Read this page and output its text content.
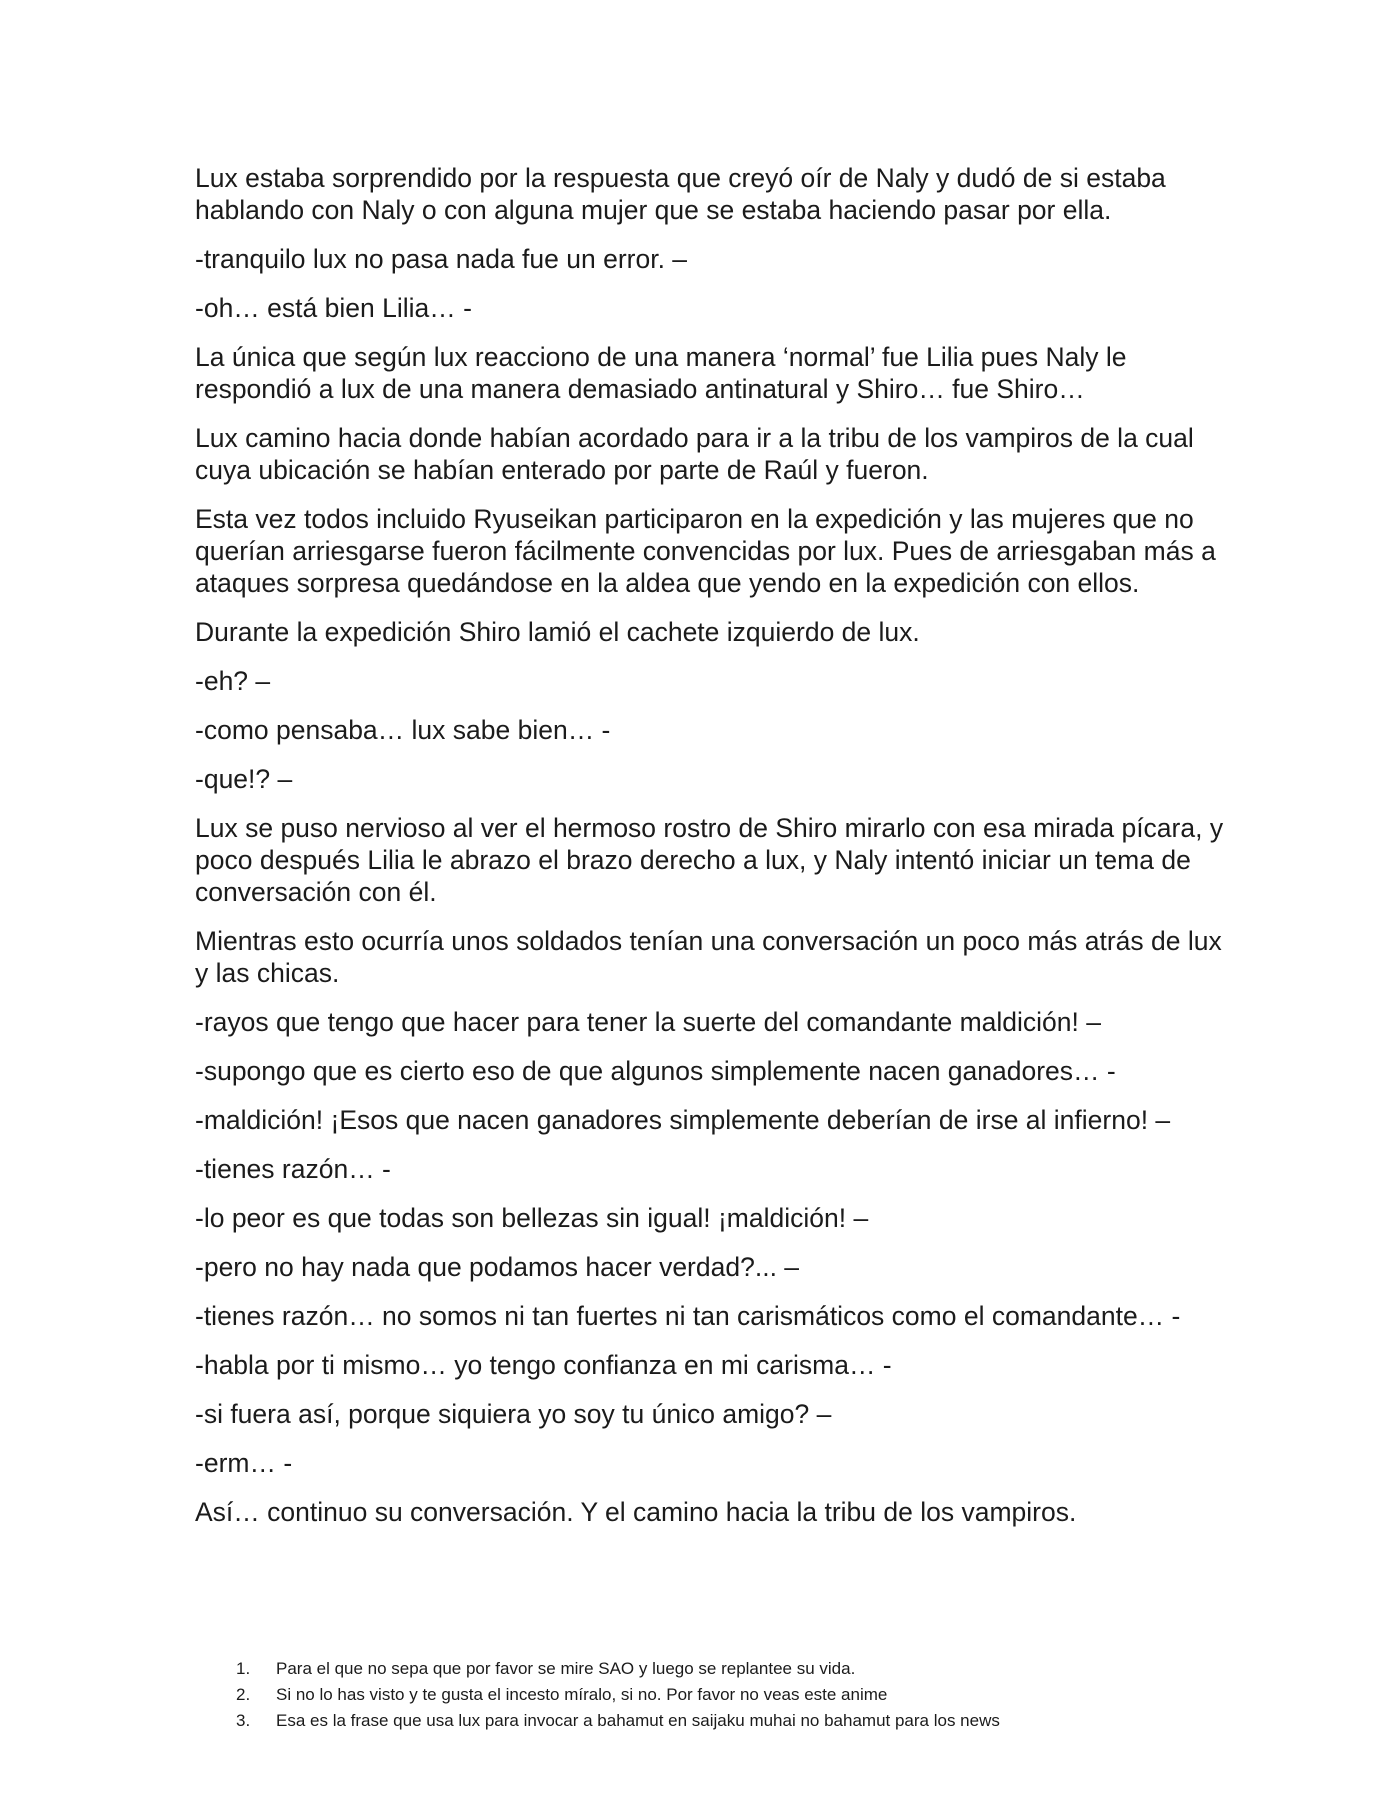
Lux estaba sorprendido por la respuesta que creyó oír de Naly y dudó de si estaba hablando con Naly o con alguna mujer que se estaba haciendo pasar por ella.

-tranquilo lux no pasa nada fue un error. –

-oh… está bien Lilia… -

La única que según lux reacciono de una manera ‘normal’ fue Lilia pues Naly le respondió a lux de una manera demasiado antinatural y Shiro… fue Shiro…

Lux camino hacia donde habían acordado para ir a la tribu de los vampiros de la cual cuya ubicación se habían enterado por parte de Raúl y fueron.

Esta vez todos incluido Ryuseikan participaron en la expedición y las mujeres que no querían arriesgarse fueron fácilmente convencidas por lux. Pues de arriesgaban más a ataques sorpresa quedándose en la aldea que yendo en la expedición con ellos.

Durante la expedición Shiro lamió el cachete izquierdo de lux.

-eh? –

-como pensaba… lux sabe bien… -

-que!? –

Lux se puso nervioso al ver el hermoso rostro de Shiro mirarlo con esa mirada pícara, y poco después Lilia le abrazo el brazo derecho a lux, y Naly intentó iniciar un tema de conversación con él.

Mientras esto ocurría unos soldados tenían una conversación un poco más atrás de lux y las chicas.

-rayos que tengo que hacer para tener la suerte del comandante maldición! –

-supongo que es cierto eso de que algunos simplemente nacen ganadores… -

-maldición! ¡Esos que nacen ganadores simplemente deberían de irse al infierno! –

-tienes razón… -

-lo peor es que todas son bellezas sin igual! ¡maldición! –

-pero no hay nada que podamos hacer verdad?... –

-tienes razón… no somos ni tan fuertes ni tan carismáticos como el comandante… -

-habla por ti mismo… yo tengo confianza en mi carisma… -

-si fuera así, porque siquiera yo soy tu único amigo? –

-erm… -

Así… continuo su conversación. Y el camino hacia la tribu de los vampiros.

1. Para el que no sepa que por favor se mire SAO y luego se replantee su vida.
2. Si no lo has visto y te gusta el incesto míralo, si no. Por favor no veas este anime
3. Esa es la frase que usa lux para invocar a bahamut en saijaku muhai no bahamut para los news
